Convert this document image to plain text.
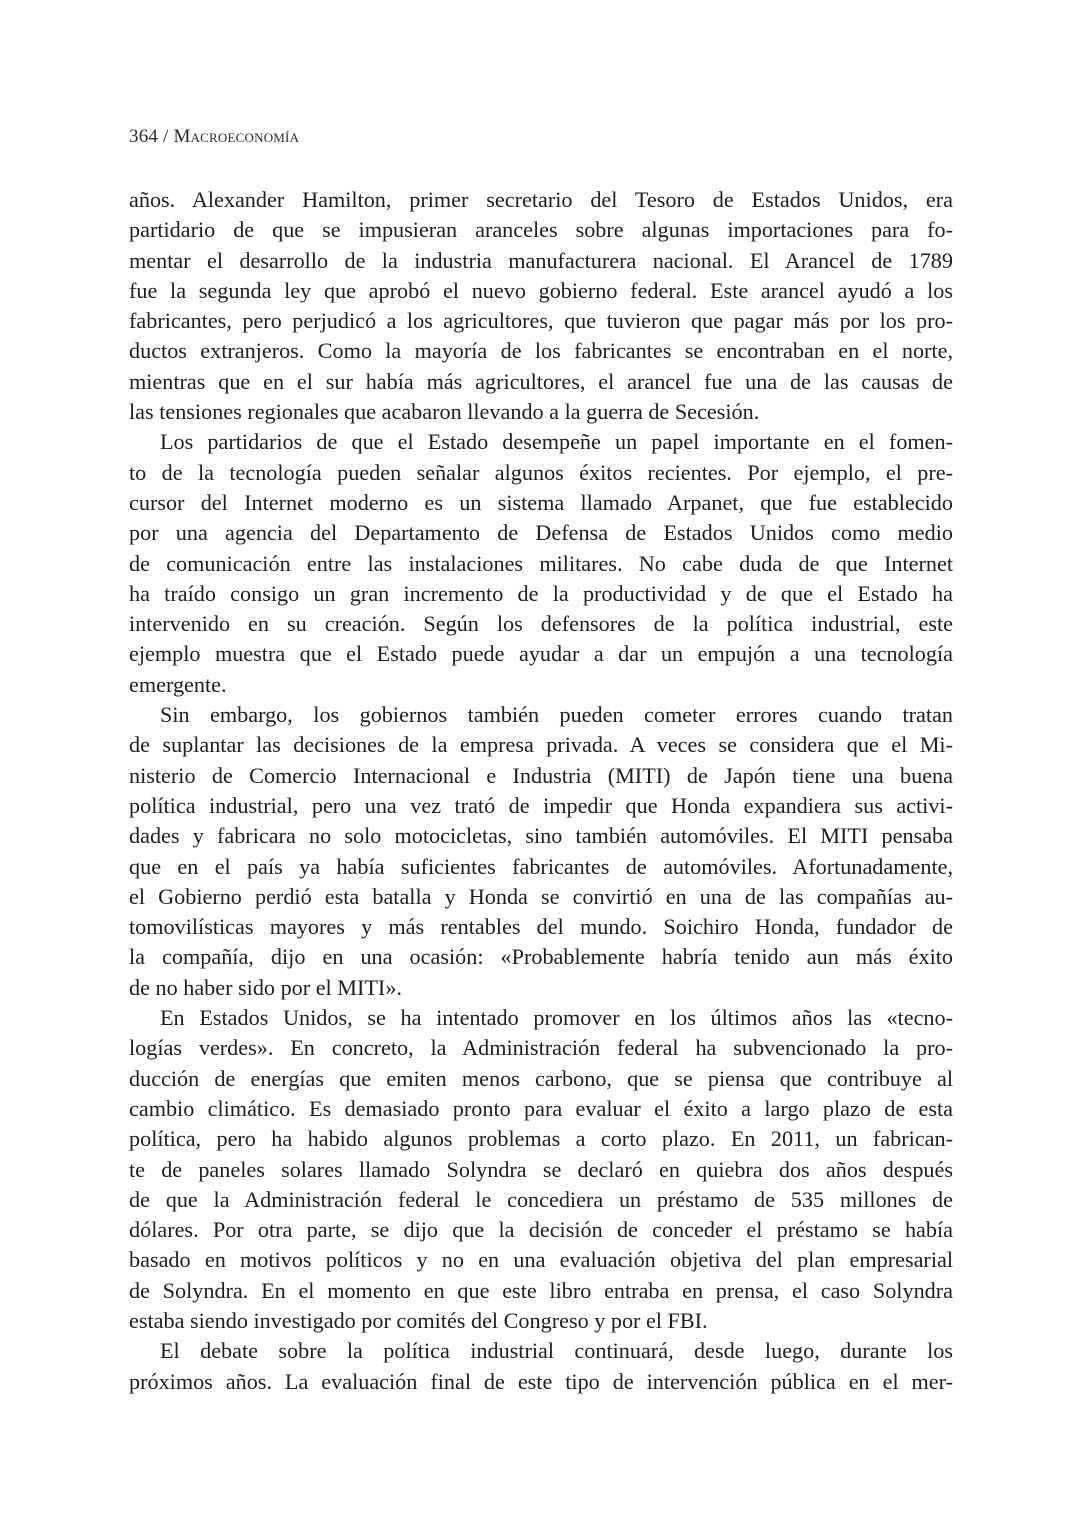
364 / Macroeconomía
años. Alexander Hamilton, primer secretario del Tesoro de Estados Unidos, era
partidario de que se impusieran aranceles sobre algunas importaciones para fo-
mentar el desarrollo de la industria manufacturera nacional. El Arancel de 1789
fue la segunda ley que aprobó el nuevo gobierno federal. Este arancel ayudó a los
fabricantes, pero perjudicó a los agricultores, que tuvieron que pagar más por los pro-
ductos extranjeros. Como la mayoría de los fabricantes se encontraban en el norte,
mientras que en el sur había más agricultores, el arancel fue una de las causas de
las tensiones regionales que acabaron llevando a la guerra de Secesión.
Los partidarios de que el Estado desempeñe un papel importante en el fomen-
to de la tecnología pueden señalar algunos éxitos recientes. Por ejemplo, el pre-
cursor del Internet moderno es un sistema llamado Arpanet, que fue establecido
por una agencia del Departamento de Defensa de Estados Unidos como medio
de comunicación entre las instalaciones militares. No cabe duda de que Internet
ha traído consigo un gran incremento de la productividad y de que el Estado ha
intervenido en su creación. Según los defensores de la política industrial, este
ejemplo muestra que el Estado puede ayudar a dar un empujón a una tecnología
emergente.
Sin embargo, los gobiernos también pueden cometer errores cuando tratan
de suplantar las decisiones de la empresa privada. A veces se considera que el Mi-
nisterio de Comercio Internacional e Industria (MITI) de Japón tiene una buena
política industrial, pero una vez trató de impedir que Honda expandiera sus activi-
dades y fabricara no solo motocicletas, sino también automóviles. El MITI pensaba
que en el país ya había suficientes fabricantes de automóviles. Afortunadamente,
el Gobierno perdió esta batalla y Honda se convirtió en una de las compañías au-
tomovilísticas mayores y más rentables del mundo. Soichiro Honda, fundador de
la compañía, dijo en una ocasión: «Probablemente habría tenido aun más éxito
de no haber sido por el MITI».
En Estados Unidos, se ha intentado promover en los últimos años las «tecno-
logías verdes». En concreto, la Administración federal ha subvencionado la pro-
ducción de energías que emiten menos carbono, que se piensa que contribuye al
cambio climático. Es demasiado pronto para evaluar el éxito a largo plazo de esta
política, pero ha habido algunos problemas a corto plazo. En 2011, un fabrican-
te de paneles solares llamado Solyndra se declaró en quiebra dos años después
de que la Administración federal le concediera un préstamo de 535 millones de
dólares. Por otra parte, se dijo que la decisión de conceder el préstamo se había
basado en motivos políticos y no en una evaluación objetiva del plan empresarial
de Solyndra. En el momento en que este libro entraba en prensa, el caso Solyndra
estaba siendo investigado por comités del Congreso y por el FBI.
El debate sobre la política industrial continuará, desde luego, durante los
próximos años. La evaluación final de este tipo de intervención pública en el mer-
